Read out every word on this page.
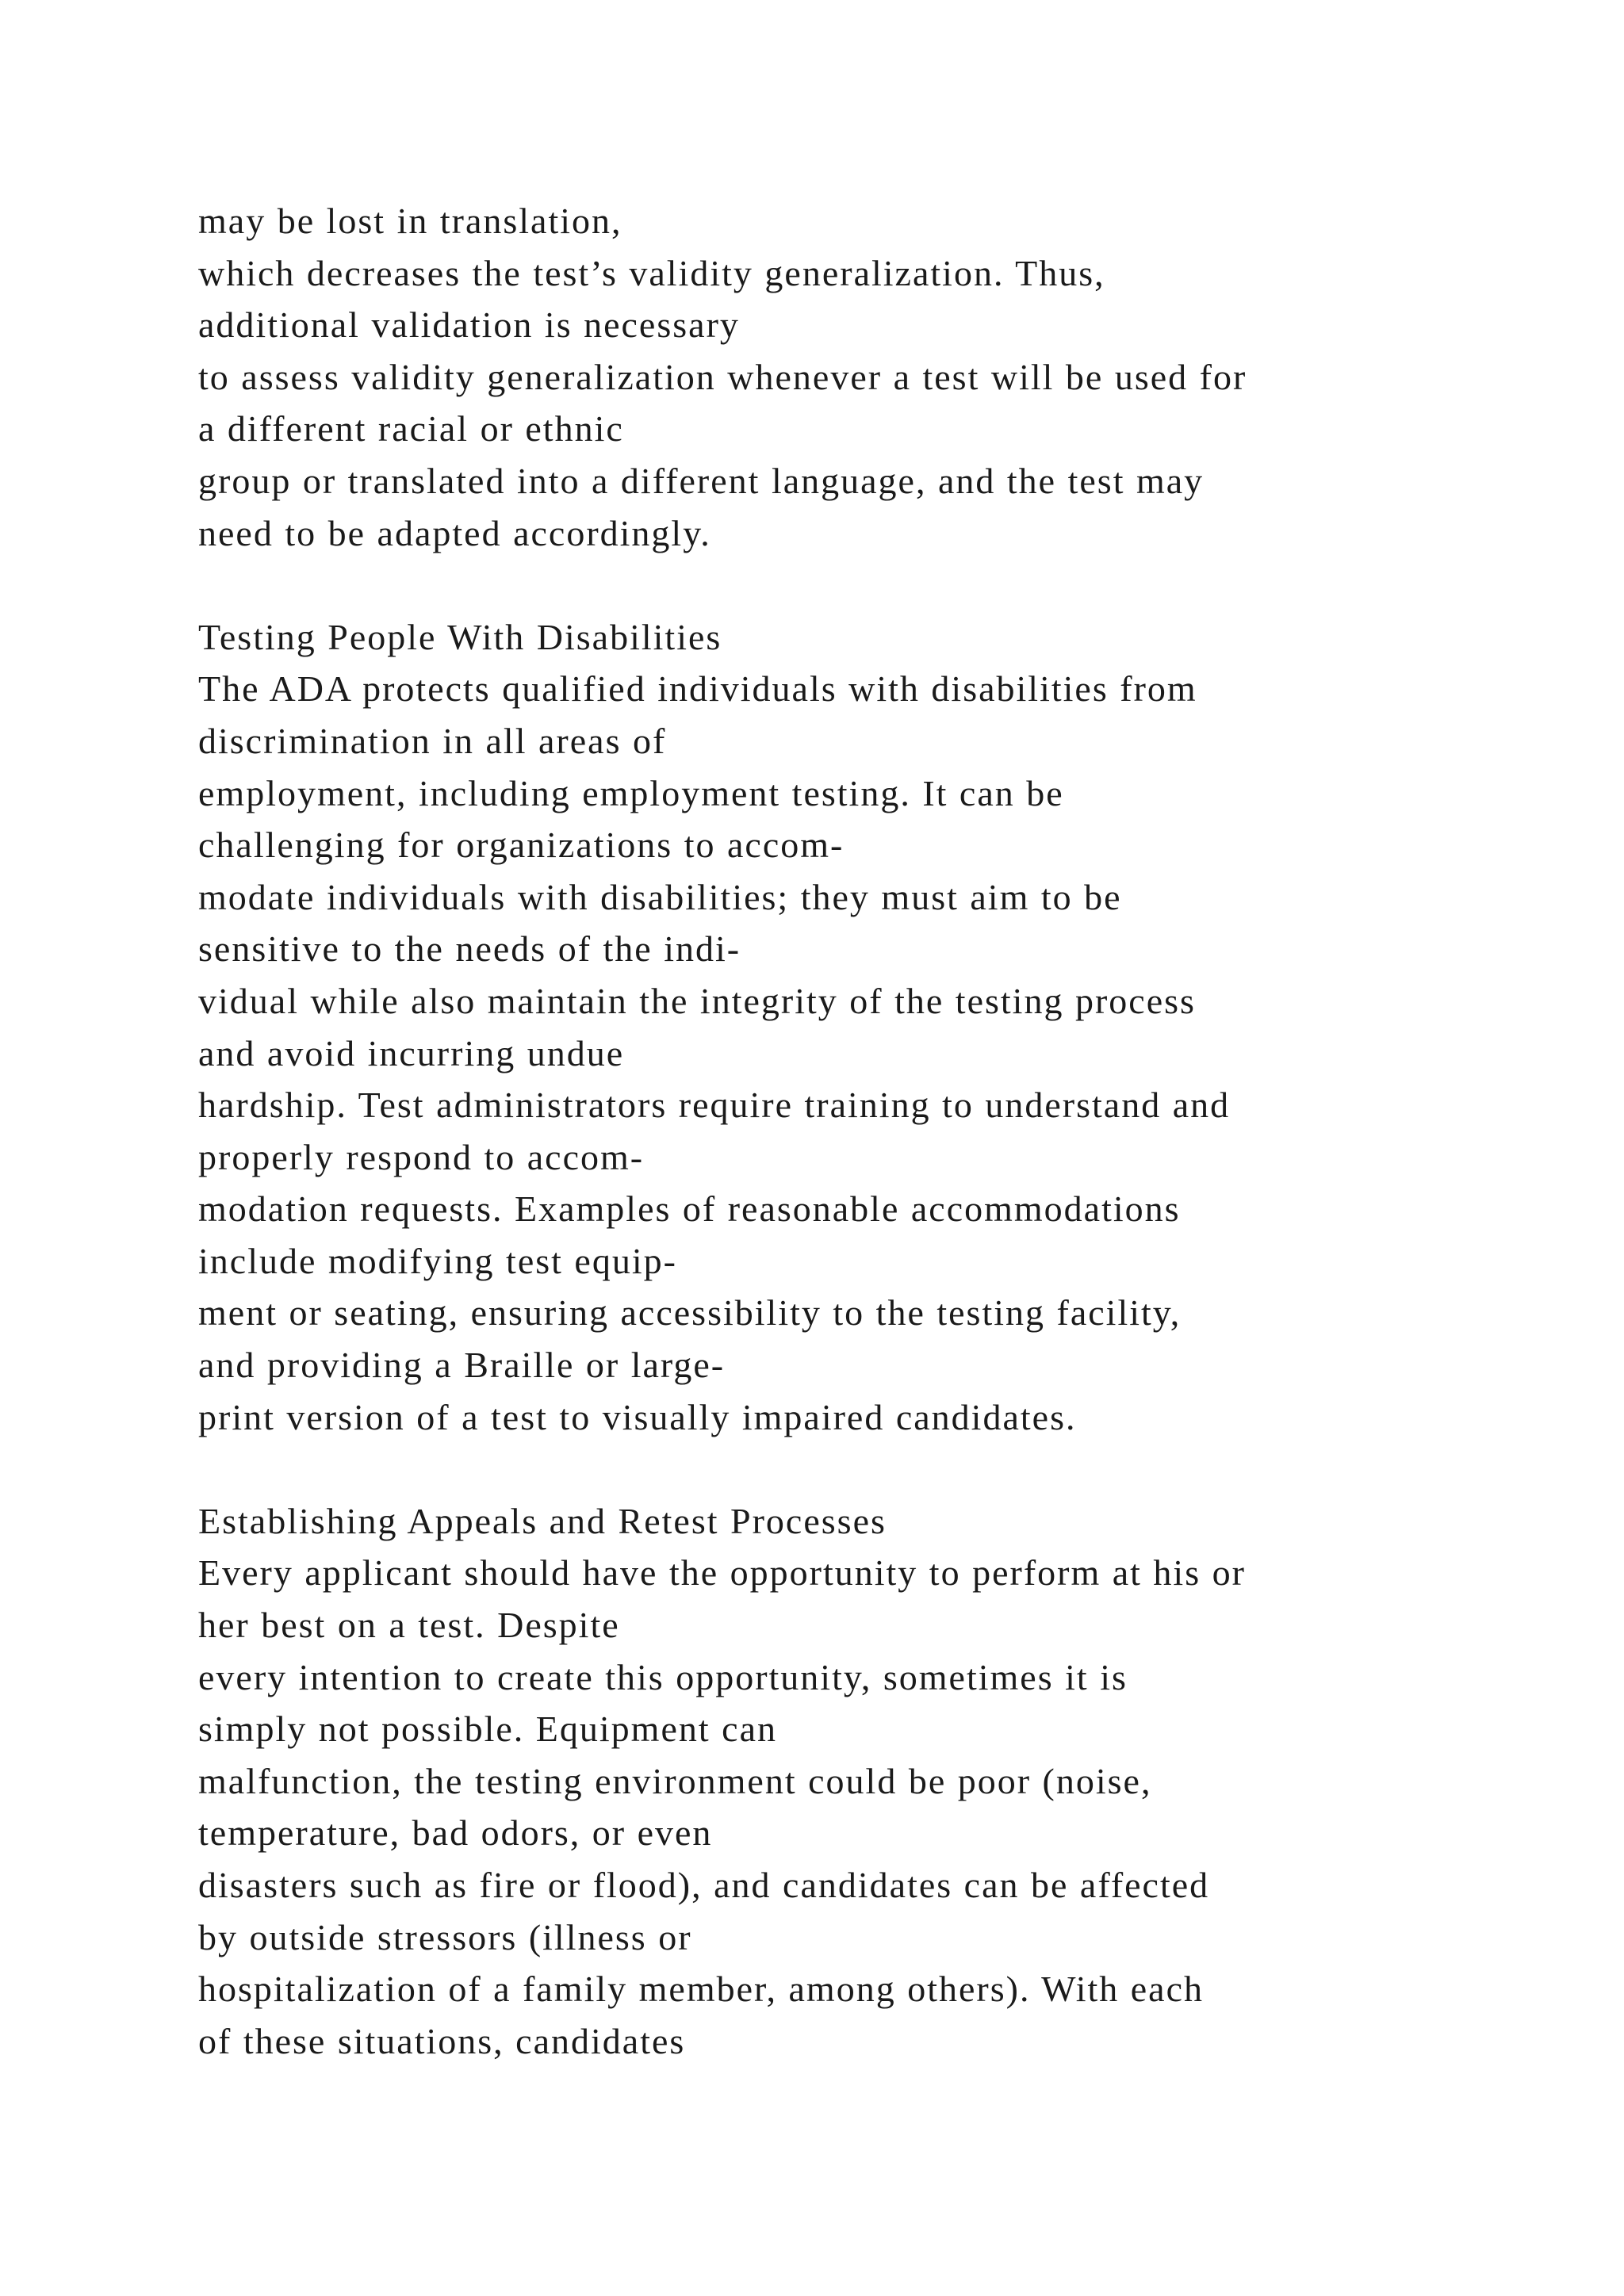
may be lost in translation,
which decreases the test’s validity generalization. Thus,
additional validation is necessary
to assess validity generalization whenever a test will be used for
a different racial or ethnic
group or translated into a different language, and the test may
need to be adapted accordingly.
Testing People With Disabilities
The ADA protects qualified individuals with disabilities from
discrimination in all areas of
employment, including employment testing. It can be
challenging for organizations to accom-
modate individuals with disabilities; they must aim to be
sensitive to the needs of the indi-
vidual while also maintain the integrity of the testing process
and avoid incurring undue
hardship. Test administrators require training to understand and
properly respond to accom-
modation requests. Examples of reasonable accommodations
include modifying test equip-
ment or seating, ensuring accessibility to the testing facility,
and providing a Braille or large-
print version of a test to visually impaired candidates.
Establishing Appeals and Retest Processes
Every applicant should have the opportunity to perform at his or
her best on a test. Despite
every intention to create this opportunity, sometimes it is
simply not possible. Equipment can
malfunction, the testing environment could be poor (noise,
temperature, bad odors, or even
disasters such as fire or flood), and candidates can be affected
by outside stressors (illness or
hospitalization of a family member, among others). With each
of these situations, candidates
